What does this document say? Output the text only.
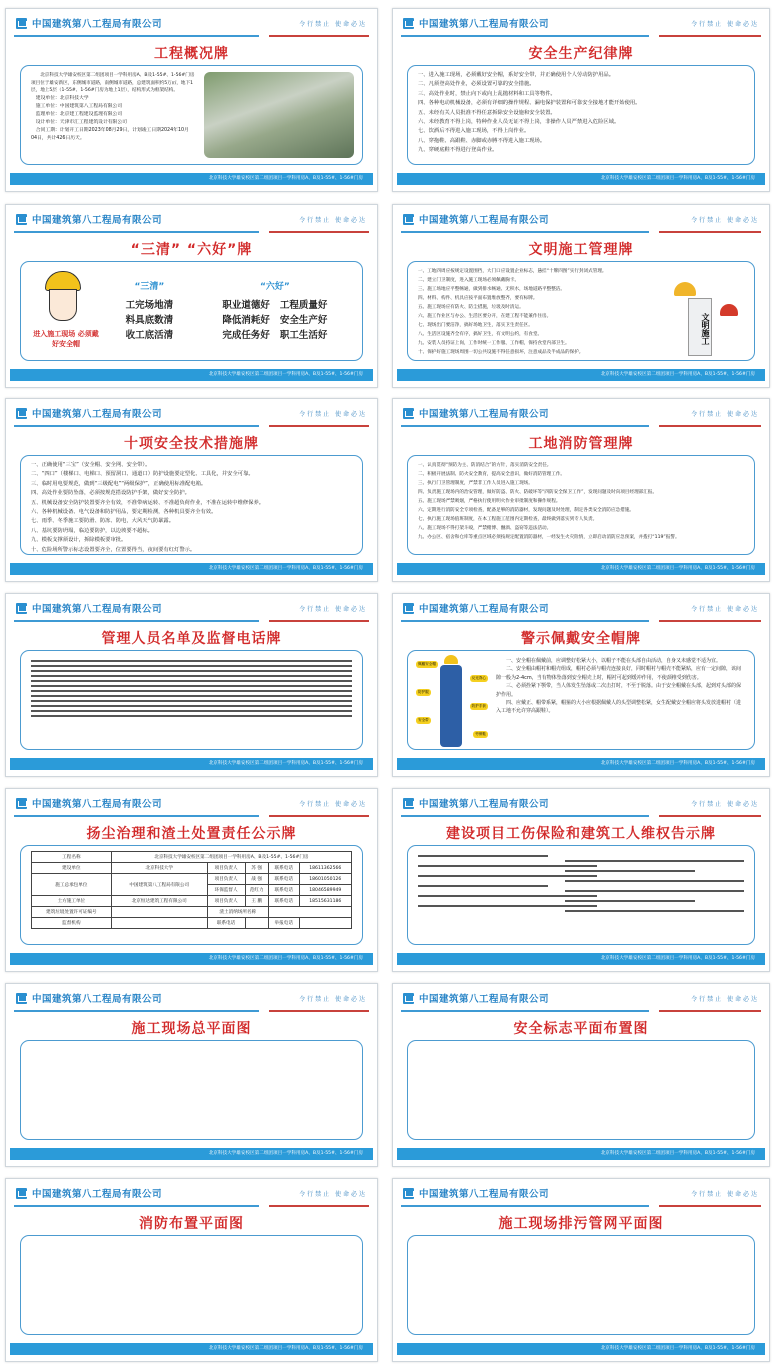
中国建筑第八工程局有限公司	令行禁止 使命必达
工程概况牌
北京科技大学雄安校区第二组团项目一学科用房A、B及1-55#、1-56#门房项目位于雄安新区，东侧城市道路，南侧城市道路，总建筑面积约5万㎡，地下1层，地上5层（1-55#、1-56#门房为地上1层），结构形式为框架结构。
建设单位：北京科技大学
施工单位：中国建筑第八工程局有限公司
监理单位：北京建工程建设监理有限公司
设计单位：天津市汇工程建筑设计有限公司
合同工期：计划开工日期2023年08月29日，计划竣工日期2024年10月04日，共计426日历天。
北京科技大学雄安校区第二组团项目一学科用房A、B及1-55#、1-56#门房
中国建筑第八工程局有限公司	令行禁止 使命必达
安全生产纪律牌
一、进入施工现场，必须戴好安全帽，系好安全带，并正确使用个人劳动防护用品。
二、凡须登高处作业，必须设置可靠的安全措施。
三、高处作业时，禁止向下或向上乱抛材料和工具等物件。
四、各种电动机械设备，必须有详细的操作规程、漏电保护装置和可靠安全接地才能开始使用。
五、未经有关人员批准不得任意拆除安全设施和安全装置。
六、未经教育不得上岗，特种作业人员无证不得上岗，非操作人员严禁进入危险区域。
七、饮酒后不得进入施工现场，不得上岗作业。
八、穿拖鞋、高跟鞋、赤脚或赤膊不得进入施工现场。
九、穿硬底鞋不得进行登高作业。
北京科技大学雄安校区第二组团项目一学科用房A、B及1-55#、1-56#门房
中国建筑第八工程局有限公司	令行禁止 使命必达
“三清” “六好”牌
进入施工现场 必须戴好安全帽
“三清”
工完场地清
料具底数清
收工底活清
“六好”
职业道德好 工程质量好
降低消耗好 安全生产好
完成任务好 职工生活好
北京科技大学雄安校区第二组团项目一学科用房A、B及1-55#、1-56#门房
中国建筑第八工程局有限公司	令行禁止 使命必达
文明施工管理牌
一、工地四周应按规定设置围挡，大门口应设置企业标志，悬挂“十牌四图”实行封闭式管理。
二、建立门卫制度，进入施工现场必须佩戴胸卡。
三、施工场地应平整畅通，做到排水畅通、无积水，场地道路平整整洁。
四、材料、构件、机具应按平面布置堆放整齐，要有标牌。
五、施工现场应有防火、防尘措施，垃圾及时清运。
六、施工作业区与办公、生活区要分开，在建工程不能兼作住房。
七、现场出门要洁净，搞好场地卫生，落实卫生责任区。
八、生活区设施齐全有序，搞好卫生，有文明公约，有食堂。
九、安装人员持证上岗，工作时统一工作服、工作帽，保持食堂内部卫生。
十、保护好施工现场周围一切公共设施不得任意损坏，注意成品及半成品的保护。
文明施工
北京科技大学雄安校区第二组团项目一学科用房A、B及1-55#、1-56#门房
中国建筑第八工程局有限公司	令行禁止 使命必达
十项安全技术措施牌
一、正确使用“三宝”（安全帽、安全网、安全带）。
二、“四口”（楼梯口、电梯口、预留洞口、通道口）防护设施要定型化、工具化，并安全可靠。
三、临时用电要规范，做到“三级配电”“两级保护”，正确使用标准配电箱。
四、高处作业要防坠落，必须按规范搭设防护手架，做好安全防护。
五、机械设备安全防护装置要齐全有效，不准带病运转、不准超负荷作业，不准在运转中维修保养。
六、各种机械设备、电气设备和防护用品，要定期检测，各种机具要齐全有效。
七、雨季、冬季施工要防滑、防冻、防电，大风天气防暴露。
八、基坑要防坍塌，临边要防护，以边坡要不超标。
九、模板支撑须设计，拆除模板要审批。
十、危险场所警示标志设置要齐全，位置要得当，夜间要有红灯警示。
北京科技大学雄安校区第二组团项目一学科用房A、B及1-55#、1-56#门房
中国建筑第八工程局有限公司	令行禁止 使命必达
工地消防管理牌
一、认真贯彻“预防为主、防消结合”的方针，落实消防安全责任。
二、积极开展法制、防火安全教育，提高安全意识，做好消防管理工作。
三、执行门卫管理制度，严禁非工作人员进入施工现场。
四、负责施工现场内的治安管理，做好防盗、防火、防破坏等“四防安全保卫工作”，发现问题及时向项目经理部汇报。
五、施工现场严禁吸烟，严格执行使用明火作业审批制度和操作规程。
六、定期进行消防安全专项检查，配备足够的消防器材，发现问题及时处理，制定各类安全消防应急措施。
七、执行施工现场值班制度，在本工程施工范围内定期检查，最终做到落实到专人负责。
八、施工现场不得打架斗殴，严禁赌博、酗酒、盗窃等违法活动。
九、办公区、宿舍和仓库等重点区域必须按规定配置消防器材，一经发生火灾险情，立即启动消防应急预案，并拨打“119”报警。
北京科技大学雄安校区第二组团项目一学科用房A、B及1-55#、1-56#门房
中国建筑第八工程局有限公司	令行禁止 使命必达
管理人员名单及监督电话牌
北京科技大学雄安校区第二组团项目一学科用房A、B及1-55#、1-56#门房
中国建筑第八工程局有限公司	令行禁止 使命必达
警示佩戴安全帽牌
佩戴安全帽
反光背心
防护服
防护手套
安全带
劳保鞋
一、安全帽在佩戴前，应调整好松紧大小，以帽子不能在头部自由活动，自身又未感觉不适为宜。
二、安全帽由帽衬和帽壳组成，帽衬必须与帽壳连接良好，同时帽衬与帽壳不能紧贴，应有一定间隙，该间隙一般为2-4cm，当有物体坠落到安全帽壳上时，帽衬可起到缓冲作用，不使颈椎受到伤害。
三、必须拴紧下颚带，当人体发生坠落或二次击打时，不至于脱落。由于安全帽戴在头部，起到对头部的保护作用。
四、应戴正、帽带系紧，帽箍的大小应根据佩戴人的头型调整松紧，女生配戴安全帽应将头发放进帽衬（进入工地不允许穿高跟鞋）。
北京科技大学雄安校区第二组团项目一学科用房A、B及1-55#、1-56#门房
中国建筑第八工程局有限公司	令行禁止 使命必达
扬尘治理和渣土处置责任公示牌
工程名称	北京科技大学雄安校区第二组团项目一学科用房A、B及1-55#、1-56#门房				
建设单位	北京科技大学	项目负责人	苏 强	联系电话	18611362566
施工总承包单位	中国建筑第八工程局有限公司	项目负责人	战 强	联系电话	18601050126
		环保监督人	范红力	联系电话	18046589949
土方施工单位	北京恒达建筑工程有限公司	项目负责人	王 鹏	联系电话	18515631186
建筑垃圾处置许可证编号		渣土消纳场所名称			
监督机构		联系电话		举报电话	
北京科技大学雄安校区第二组团项目一学科用房A、B及1-55#、1-56#门房
中国建筑第八工程局有限公司	令行禁止 使命必达
建设项目工伤保险和建筑工人维权告示牌
北京科技大学雄安校区第二组团项目一学科用房A、B及1-55#、1-56#门房
中国建筑第八工程局有限公司	令行禁止 使命必达
施工现场总平面图
北京科技大学雄安校区第二组团项目一学科用房A、B及1-55#、1-56#门房
中国建筑第八工程局有限公司	令行禁止 使命必达
安全标志平面布置图
北京科技大学雄安校区第二组团项目一学科用房A、B及1-55#、1-56#门房
中国建筑第八工程局有限公司	令行禁止 使命必达
消防布置平面图
北京科技大学雄安校区第二组团项目一学科用房A、B及1-55#、1-56#门房
中国建筑第八工程局有限公司	令行禁止 使命必达
施工现场排污管网平面图
北京科技大学雄安校区第二组团项目一学科用房A、B及1-55#、1-56#门房
